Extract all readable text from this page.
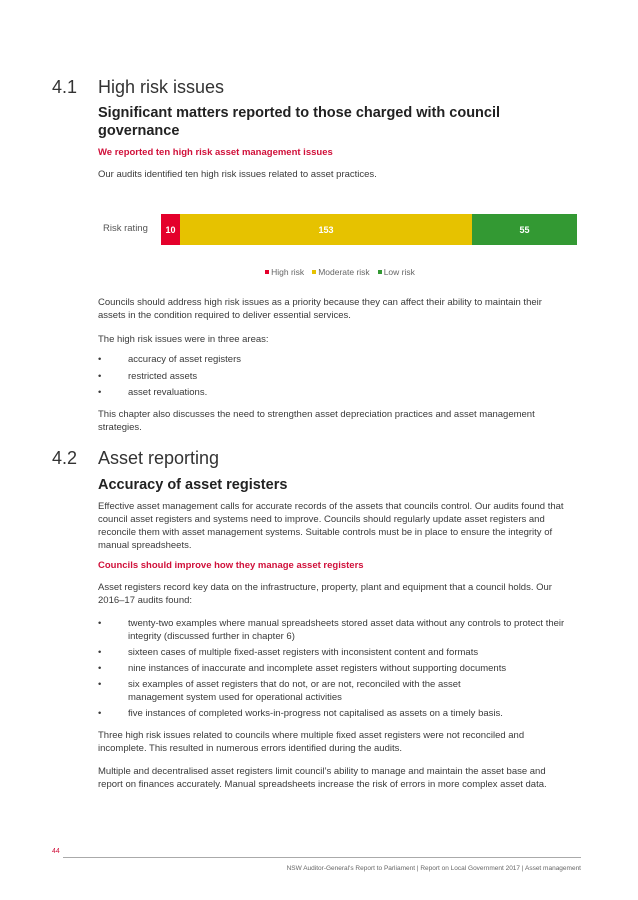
4.1 High risk issues
Significant matters reported to those charged with council governance
We reported ten high risk asset management issues
Our audits identified ten high risk issues related to asset practices.
Risk rating 10	153	55
High risk Moderate risk Low risk
Councils should address high risk issues as a priority because they can affect their ability to maintain their assets in the condition required to deliver essential services.
The high risk issues were in three areas:
•	accuracy of asset registers
•	restricted assets
•	asset revaluations.
This chapter also discusses the need to strengthen asset depreciation practices and asset management strategies.
4.2 Asset reporting
Accuracy of asset registers
Effective asset management calls for accurate records of the assets that councils control. Our audits found that council asset registers and systems need to improve. Councils should regularly update asset registers and reconcile them with asset management systems. Suitable controls must be in place to ensure the integrity of manual spreadsheets.
Councils should improve how they manage asset registers
Asset registers record key data on the infrastructure, property, plant and equipment that a council holds. Our 2016–17 audits found:
•	twenty-two examples where manual spreadsheets stored asset data without any controls to protect their integrity (discussed further in chapter 6)
•	sixteen cases of multiple fixed-asset registers with inconsistent content and formats
•	nine instances of inaccurate and incomplete asset registers without supporting documents
•	six examples of asset registers that do not, or are not, reconciled with the asset management system used for operational activities
•	five instances of completed works-in-progress not capitalised as assets on a timely basis.
Three high risk issues related to councils where multiple fixed asset registers were not reconciled and incomplete. This resulted in numerous errors identified during the audits.
Multiple and decentralised asset registers limit council’s ability to manage and maintain the asset base and report on finances accurately. Manual spreadsheets increase the risk of errors in more complex asset data.
44
NSW Auditor-General's Report to Parliament | Report on Local Government 2017 | Asset management
